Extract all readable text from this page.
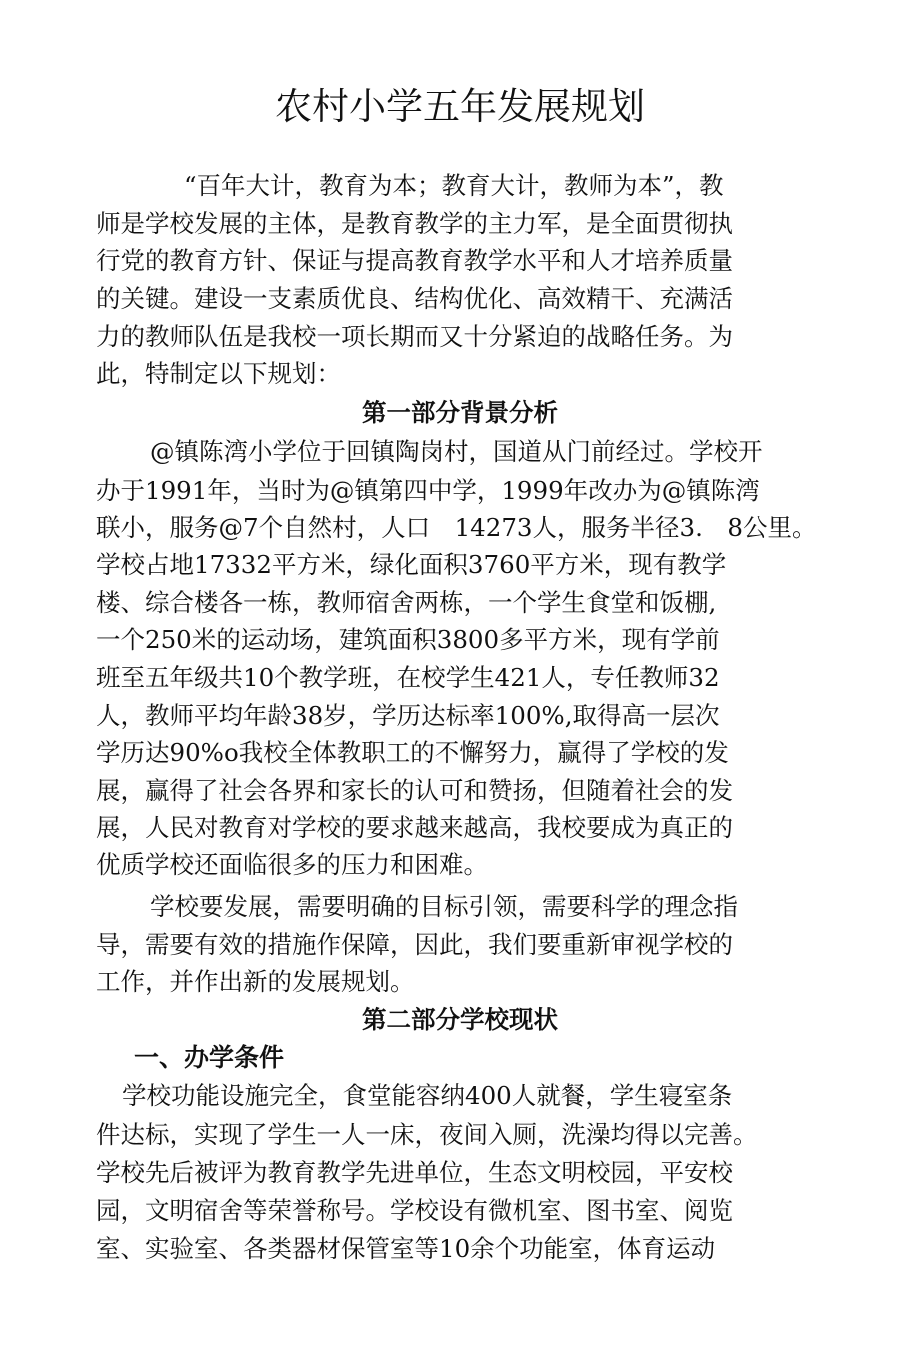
农村小学五年发展规划

“百年大计，教育为本；教育大计，教师为本”，教

师是学校发展的主体，是教育教学的主力军，是全面贯彻执

行党的教育方针、保证与提高教育教学水平和人才培养质量

的关键。建设一支素质优良、结构优化、高效精干、充满活

力的教师队伍是我校一项长期而又十分紧迫的战略任务。为

此，特制定以下规划：

第一部分背景分析

@镇陈湾小学位于回镇陶岗村，国道从门前经过。学校开

办于1991年，当时为@镇第四中学，1999年改办为@镇陈湾

联小，服务@7个自然村，人口　14273人，服务半径3.　8公里。

学校占地17332平方米，绿化面积3760平方米，现有教学

楼、综合楼各一栋，教师宿舍两栋，一个学生食堂和饭棚,

一个250米的运动场，建筑面积3800多平方米，现有学前

班至五年级共10个教学班，在校学生421人，专任教师32

人，教师平均年龄38岁，学历达标率100%,取得高一层次

学历达90%o我校全体教职工的不懈努力，赢得了学校的发

展，赢得了社会各界和家长的认可和赞扬，但随着社会的发

展，人民对教育对学校的要求越来越高，我校要成为真正的

优质学校还面临很多的压力和困难。

学校要发展，需要明确的目标引领，需要科学的理念指

导，需要有效的措施作保障，因此，我们要重新审视学校的

工作，并作出新的发展规划。

第二部分学校现状
一、办学条件

学校功能设施完全，食堂能容纳400人就餐，学生寝室条

件达标，实现了学生一人一床，夜间入厕，洗澡均得以完善。

学校先后被评为教育教学先进单位，生态文明校园，平安校

园，文明宿舍等荣誉称号。学校设有微机室、图书室、阅览

室、实验室、各类器材保管室等10余个功能室，体育运动
